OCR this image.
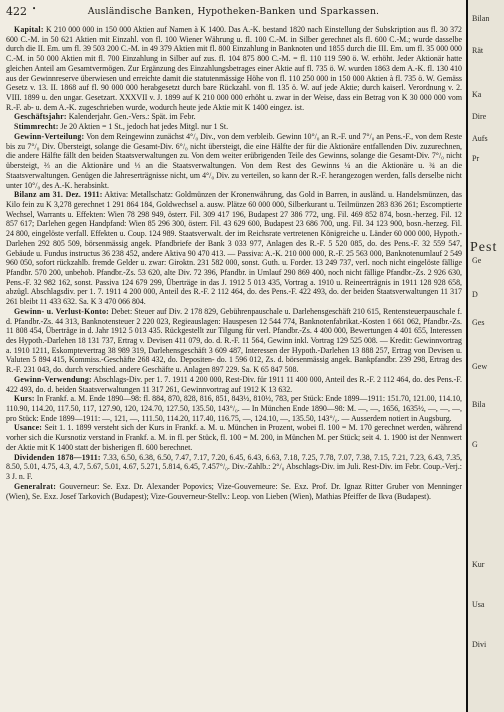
•
422	Ausländische Banken, Hypotheken-Banken und Sparkassen.

Kapital: K 210 000 000 in 150 000 Aktien auf Namen à K 1400. Das A.-K. bestand 1820 nach Einstellung der Subskription aus fl. 30 372 600 C.-M. in 50 621 Aktien mit Einzahl. von fl. 100 Wiener Währung u. fl. 100 C.-M. in Silber gerechnet als fl. 600 C.-M.; wurde dasselbe durch die II. Em. um fl. 39 503 200 C.-M. in 49 379 Aktien mit fl. 800 Einzahlung in Banknoten und 1855 durch die III. Em. um fl. 35 000 000 C.-M. in 50 000 Aktien mit fl. 700 Einzahlung in Silber auf zus. fl. 104 875 800 C.-M. = fl. 110 119 590 ö. W. erhöht. Jeder Aktionär hatte gleichen Anteil am Gesamtvermögen. Zur Ergänzung des Einzahlungsbetrages einer Aktie auf fl. 735 ö. W. wurden 1863 dem A.-K. fl. 130 410 aus der Gewinnreserve überwiesen und erreichte damit die statutenmässige Höhe von fl. 110 250 000 in 150 000 Aktien à fl. 735 ö. W. Gemäss Gesetz v. 13. II. 1868 auf fl. 90 000 000 herabgesetzt durch bare Rückzahl. von fl. 135 ö. W. auf jede Aktie; durch kaiserl. Verordnung v. 2. VIII. 1899 u. den ungar. Gesetzart. XXXVII v. J. 1899 auf K 210 000 000 erhöht u. zwar in der Weise, dass ein Betrag von K 30 000 000 vom R.-F. ab- u. dem A.-K. zugeschrieben wurde, wodurch heute jede Aktie mit K 1400 eingez. ist.

Geschäftsjahr: Kalenderjahr. Gen.-Vers.: Spät. im Febr.

Stimmrecht: Je 20 Aktien = 1 St., jedoch hat jedes Mitgl. nur 1 St.

Gewinn-Verteilung: Von dem Reingewinn zunächst 4°/₀ Div., von dem verbleib. Gewinn 10°/₀ an R.-F. und 7°/₀ an Pens.-F., von dem Reste bis zu 7°/₀ Div. Übersteigt, solange die Gesamt-Div. 6°/₀ nicht übersteigt, die eine Hälfte der für die Aktionäre entfallenden Div. zuzurechnen, die andere Hälfte fällt den beiden Staatsverwaltungen zu. Von dem weiter erübrigenden Teile des Gewinns, solange die Gesamt-Div. 7°/₀ nicht übersteigt, ⅔ an die Aktionäre und ⅓ an die Staatsverwaltungen. Von dem Rest des Gewinns ¼ an die Aktionäre u. ¾ an die Staatsverwaltungen. Genügen die Jahreserträgnisse nicht, um 4°/₀ Div. zu verteilen, so kann der R.-F. herangezogen werden, falls derselbe nicht unter 10°/₀ des A.-K. herabsinkt.

Bilanz am 31. Dez. 1911: Aktiva: Metallschatz: Goldmünzen der Kronenwährung, das Gold in Barren, in ausländ. u. Handelsmünzen, das Kilo fein zu K 3,278 gerechnet 1 291 864 184, Goldwechsel a. ausw. Plätze 60 000 000, Silberkurant u. Teilmünzen 283 836 261; Escomptierte Wechsel, Warrants u. Effekten: Wien 78 298 949, österr. Fil. 309 417 196, Budapest 27 386 772, ung. Fil. 469 852 874, bosn.-herzeg. Fil. 12 857 617; Darlehen gegen Handpfand: Wien 85 296 300, österr. Fil. 43 629 600, Budapest 23 686 700, ung. Fil. 34 123 900, bosn.-herzeg. Fil. 24 800, eingelöste verfall. Effekten u. Coup. 124 989. Staatsverwalt. der im Reichsrate vertretenen Königreiche u. Länder 60 000 000, Hypoth.-Darlehen 292 805 509, börsenmässig angek. Pfandbriefe der Bank 3 033 977, Anlagen des R.-F. 5 520 085, do. des Pens.-F. 32 559 547, Gebäude u. Fundus instructus 36 238 452, andere Aktiva 90 470 413. — Passiva: A.-K. 210 000 000, R.-F. 25 563 000, Banknotenumlauf 2 549 960 050, sofort rückzahlb. fremde Gelder u. zwar: Giroktn. 231 582 000, sonst. Guth. u. Forder. 13 249 737, verl. noch nicht eingelöste fällige Pfandbr. 570 200, unbehob. Pfandbr.-Zs. 53 620, alte Div. 72 396, Pfandbr. in Umlauf 290 869 400, noch nicht fällige Pfandbr.-Zs. 2 926 630, Pens.-F. 32 982 162, sonst. Passiva 124 679 299, Überträge in das J. 1912 5 013 435, Vortrag a. 1910 u. Reineerträgnis in 1911 128 928 658, abzügl. Abschlagsdiv. per 1. 7. 1911 4 200 000, Anteil des R.-F. 2 112 464, do. des Pens.-F. 422 493, do. der beiden Staatsverwaltungen 11 317 261 bleibt 11 433 632. Sa. K 3 470 066 804.

Gewinn- u. Verlust-Konto: Debet: Steuer auf Div. 2 178 829, Gebührenpauschale u. Darlehensgeschäft 210 615, Rentensteuerpauschale f. d. Pfandbr.-Zs. 44 313, Banknotensteuer 2 220 023, Regieauslagen: Hauspesen 12 544 774, Banknotenfabrikat.-Kosten 1 661 062, Pfandbr.-Zs. 11 808 454, Überträge in d. Jahr 1912 5 013 435. Rückgestellt zur Tilgung für verl. Pfandbr.-Zs. 4 400 000, Bewertungen 4 401 655, Interessen des Hypoth.-Darlehen 18 131 737, Ertrag v. Devisen 411 079, do. d. R.-F. 11 564, Gewinn inkl. Vortrag 129 525 008. — Kredit: Gewinnvortrag a. 1910 1211, Eskomptevertrag 38 989 319, Darlehensgeschäft 3 609 487, Interessen der Hypoth.-Darlehen 13 888 257, Ertrag von Devisen u. Valuten 5 894 415, Kommiss.-Geschäfte 268 432, do. Depositen- do. 1 596 012, Zs. d. börsenmässig angek. Bankpfandbr. 239 298, Ertrag des R.-F. 231 043, do. durch verschied. andere Geschäfte u. Anlagen 897 229. Sa. K 65 847 508.

Gewinn-Verwendung: Abschlags-Div. per 1. 7. 1911 4 200 000, Rest-Div. für 1911 11 400 000, Anteil des R.-F. 2 112 464, do. des Pens.-F. 422 493, do. d. beiden Staatsverwaltungen 11 317 261, Gewinnvortrag auf 1912 K 13 632.

Kurs: In Frankf. a. M. Ende 1890—98: fl. 884, 870, 828, 816, 851, 843½, 810½, 783, per Stück: Ende 1899—1911: 151.70, 121.00, 114.10, 110.90, 114.20, 117.50, 117, 127.90, 120, 124.70, 127.50, 135.50, 143°/₀. — In München Ende 1890—98: M. —, —, 1656, 1635½, —, —, —, pro Stück: Ende 1899—1911: —, 121, —, 111.50, 114.20, 117.40, 116.75, —, 124.10, —, 135.50, 143°/₀. — Ausserdem notiert in Augsburg.

Usance: Seit 1. 1. 1899 versteht sich der Kurs in Frankf. a. M. u. München in Prozent, wobei fl. 100 = M. 170 gerechnet werden, während vorher sich die Kursnotiz verstand in Frankf. a. M. in fl. per Stück, fl. 100 = M. 200, in München M. per Stück; seit 4. 1. 1900 ist der Nennwert der Aktie mit K 1400 statt der bisherigen fl. 600 berechnet.

Dividenden 1878—1911: 7.33, 6.50, 6.38, 6.50, 7.47, 7.17, 7.20, 6.45, 6.43, 6.63, 7.18, 7.25, 7.78, 7.07, 7.38, 7.15, 7.21, 7.23, 6.43, 7.35, 8.50, 5.01, 4.75, 4.3, 4.7, 5.67, 5.01, 4.67, 5.271, 5.814, 6.45, 7.457°/₀. Div.-Zahlb.: 2°/₀ Abschlags-Div. im Juli. Rest-Div. im Febr. Coup.-Verj.: 3 J. n. F.

Generalrat: Gouverneur: Se. Exz. Dr. Alexander Popovics; Vize-Gouverneure: Se. Exz. Prof. Dr. Ignaz Ritter Gruber von Menninger (Wien), Se. Exz. Josef Tarkovich (Budapest); Vize-Gouverneur-Stellv.: Leop. von Lieben (Wien), Mathias Pfeiffer de Ikva (Budapest).

Bilan
Rät
Ka
Dire
Aufs
Pr
Pest
Ge
D
Ges
Gew
Bila
G
Kur
Usa
Divi
